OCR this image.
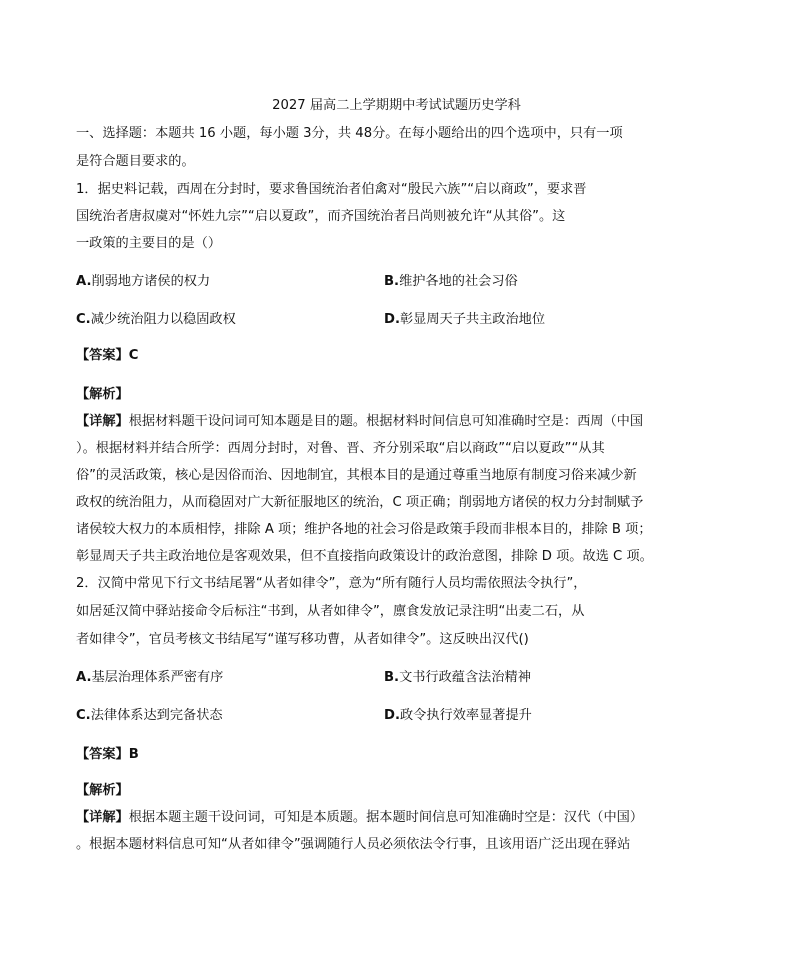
2027 届高二上学期期中考试试题历史学科
一、选择题：本题共 16 小题，每小题 3分，共 48分。在每小题给出的四个选项中，只有一项
是符合题目要求的。
1．据史料记载，西周在分封时，要求鲁国统治者伯禽对“殷民六族”“启以商政”，要求晋
国统治者唐叔虞对“怀姓九宗”“启以夏政”，而齐国统治者吕尚则被允许“从其俗”。这
一政策的主要目的是（）
A.削弱地方诸侯的权力	B.维护各地的社会习俗
C.减少统治阻力以稳固政权	D.彰显周天子共主政治地位
【答案】C
【解析】
【详解】根据材料题干设问词可知本题是目的题。根据材料时间信息可知准确时空是：西周（中国
）。根据材料并结合所学：西周分封时，对鲁、晋、齐分别采取“启以商政”“启以夏政”“从其
俗”的灵活政策，核心是因俗而治、因地制宜，其根本目的是通过尊重当地原有制度习俗来减少新
政权的统治阻力，从而稳固对广大新征服地区的统治，C 项正确；削弱地方诸侯的权力分封制赋予
诸侯较大权力的本质相悖，排除 A 项；维护各地的社会习俗是政策手段而非根本目的，排除 B 项；
彰显周天子共主政治地位是客观效果，但不直接指向政策设计的政治意图，排除 D 项。故选 C 项。
2．汉简中常见下行文书结尾署“从者如律令”，意为“所有随行人员均需依照法令执行”，
如居延汉简中驿站接命令后标注“书到，从者如律令”，廪食发放记录注明“出麦二石，从
者如律令”，官员考核文书结尾写“谨写移功曹，从者如律令”。这反映出汉代()
A.基层治理体系严密有序	B.文书行政蕴含法治精神
C.法律体系达到完备状态	D.政令执行效率显著提升
【答案】B
【解析】
【详解】根据本题主题干设问词，可知是本质题。据本题时间信息可知准确时空是：汉代（中国）
。根据本题材料信息可知“从者如律令”强调随行人员必须依法令行事，且该用语广泛出现在驿站
